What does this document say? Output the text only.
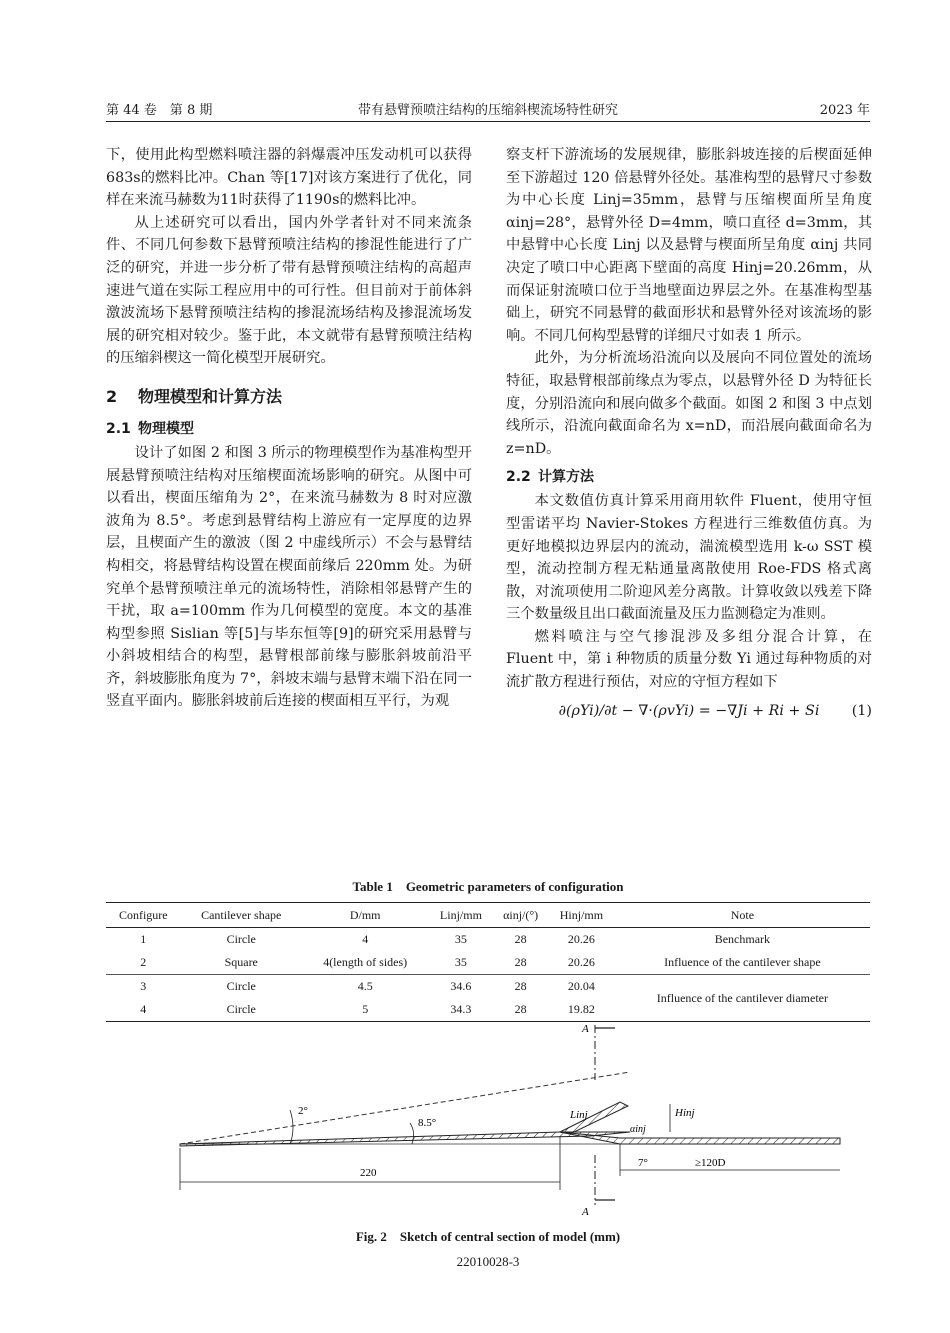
第 44 卷　第 8 期	带有悬臂预喷注结构的压缩斜楔流场特性研究	2023 年

下，使用此构型燃料喷注器的斜爆震冲压发动机可以获得683s的燃料比冲。Chan 等[17]对该方案进行了优化，同样在来流马赫数为11时获得了1190s的燃料比冲。

从上述研究可以看出，国内外学者针对不同来流条件、不同几何参数下悬臂预喷注结构的掺混性能进行了广泛的研究，并进一步分析了带有悬臂预喷注结构的高超声速进气道在实际工程应用中的可行性。但目前对于前体斜激波流场下悬臂预喷注结构的掺混流场结构及掺混流场发展的研究相对较少。鉴于此，本文就带有悬臂预喷注结构的压缩斜楔这一简化模型开展研究。

2 物理模型和计算方法
2.1 物理模型

设计了如图 2 和图 3 所示的物理模型作为基准构型开展悬臂预喷注结构对压缩楔面流场影响的研究。从图中可以看出，楔面压缩角为 2°，在来流马赫数为 8 时对应激波角为 8.5°。考虑到悬臂结构上游应有一定厚度的边界层，且楔面产生的激波（图 2 中虚线所示）不会与悬臂结构相交，将悬臂结构设置在楔面前缘后 220mm 处。为研究单个悬臂预喷注单元的流场特性，消除相邻悬臂产生的干扰，取 a=100mm 作为几何模型的宽度。本文的基准构型参照 Sislian 等[5]与毕东恒等[9]的研究采用悬臂与小斜坡相结合的构型，悬臂根部前缘与膨胀斜坡前沿平齐，斜坡膨胀角度为 7°，斜坡末端与悬臂末端下沿在同一竖直平面内。膨胀斜坡前后连接的楔面相互平行，为观

察支杆下游流场的发展规律，膨胀斜坡连接的后楔面延伸至下游超过 120 倍悬臂外径处。基准构型的悬臂尺寸参数为中心长度 Linj=35mm，悬臂与压缩楔面所呈角度 αinj=28°，悬臂外径 D=4mm，喷口直径 d=3mm，其中悬臂中心长度 Linj 以及悬臂与楔面所呈角度 αinj 共同决定了喷口中心距离下壁面的高度 Hinj=20.26mm，从而保证射流喷口位于当地壁面边界层之外。在基准构型基础上，研究不同悬臂的截面形状和悬臂外径对该流场的影响。不同几何构型悬臂的详细尺寸如表 1 所示。

此外，为分析流场沿流向以及展向不同位置处的流场特征，取悬臂根部前缘点为零点，以悬臂外径 D 为特征长度，分别沿流向和展向做多个截面。如图 2 和图 3 中点划线所示，沿流向截面命名为 x=nD，而沿展向截面命名为 z=nD。

2.2 计算方法

本文数值仿真计算采用商用软件 Fluent，使用守恒型雷诺平均 Navier-Stokes 方程进行三维数值仿真。为更好地模拟边界层内的流动，湍流模型选用 k-ω SST 模型，流动控制方程无粘通量离散使用 Roe-FDS 格式离散，对流项使用二阶迎风差分离散。计算收敛以残差下降三个数量级且出口截面流量及压力监测稳定为准则。

燃料喷注与空气掺混涉及多组分混合计算，在 Fluent 中，第 i 种物质的质量分数 Yi 通过每种物质的对流扩散方程进行预估，对应的守恒方程如下

∂(ρYi)/∂t − ∇·(ρvYi) = −∇Ji + Ri + Si (1)
Table 1　Geometric parameters of configuration
Configure	Cantilever shape	D/mm	Linj/mm	αinj/(°)	Hinj/mm	Note
1	Circle	4	35	28	20.26	Benchmark
2	Square	4(length of sides)	35	28	20.26	Influence of the cantilever shape
3	Circle	4.5	34.6	28	20.04	Influence of the cantilever diameter
4	Circle	5	34.3	28	19.82	
A
A
2°
8.5°
220
7°	≥120D
Linj
αinj
Hinj
Fig. 2　Sketch of central section of model (mm)
22010028-3
